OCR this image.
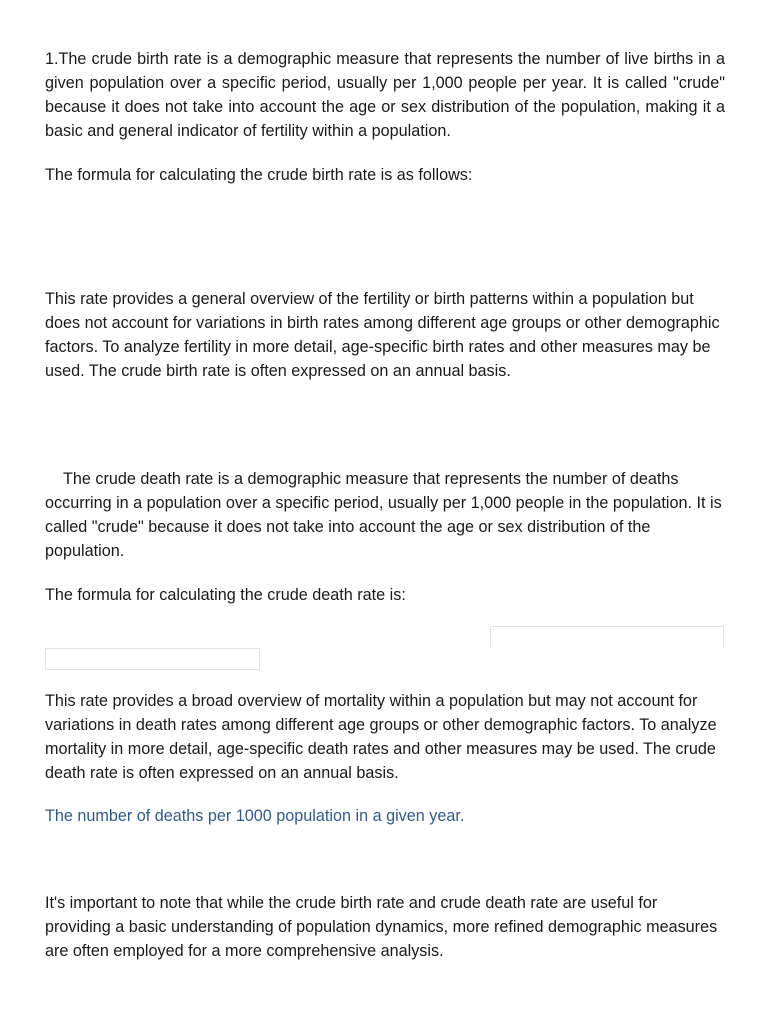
1.The crude birth rate is a demographic measure that represents the number of live births in a given population over a specific period, usually per 1,000 people per year. It is called "crude" because it does not take into account the age or sex distribution of the population, making it a basic and general indicator of fertility within a population.

The formula for calculating the crude birth rate is as follows:

This rate provides a general overview of the fertility or birth patterns within a population but does not account for variations in birth rates among different age groups or other demographic factors. To analyze fertility in more detail, age-specific birth rates and other measures may be used. The crude birth rate is often expressed on an annual basis.

The crude death rate is a demographic measure that represents the number of deaths occurring in a population over a specific period, usually per 1,000 people in the population. It is called "crude" because it does not take into account the age or sex distribution of the population.

The formula for calculating the crude death rate is:

This rate provides a broad overview of mortality within a population but may not account for variations in death rates among different age groups or other demographic factors. To analyze mortality in more detail, age-specific death rates and other measures may be used. The crude death rate is often expressed on an annual basis.

The number of deaths per 1000 population in a given year.

It's important to note that while the crude birth rate and crude death rate are useful for providing a basic understanding of population dynamics, more refined demographic measures are often employed for a more comprehensive analysis.
